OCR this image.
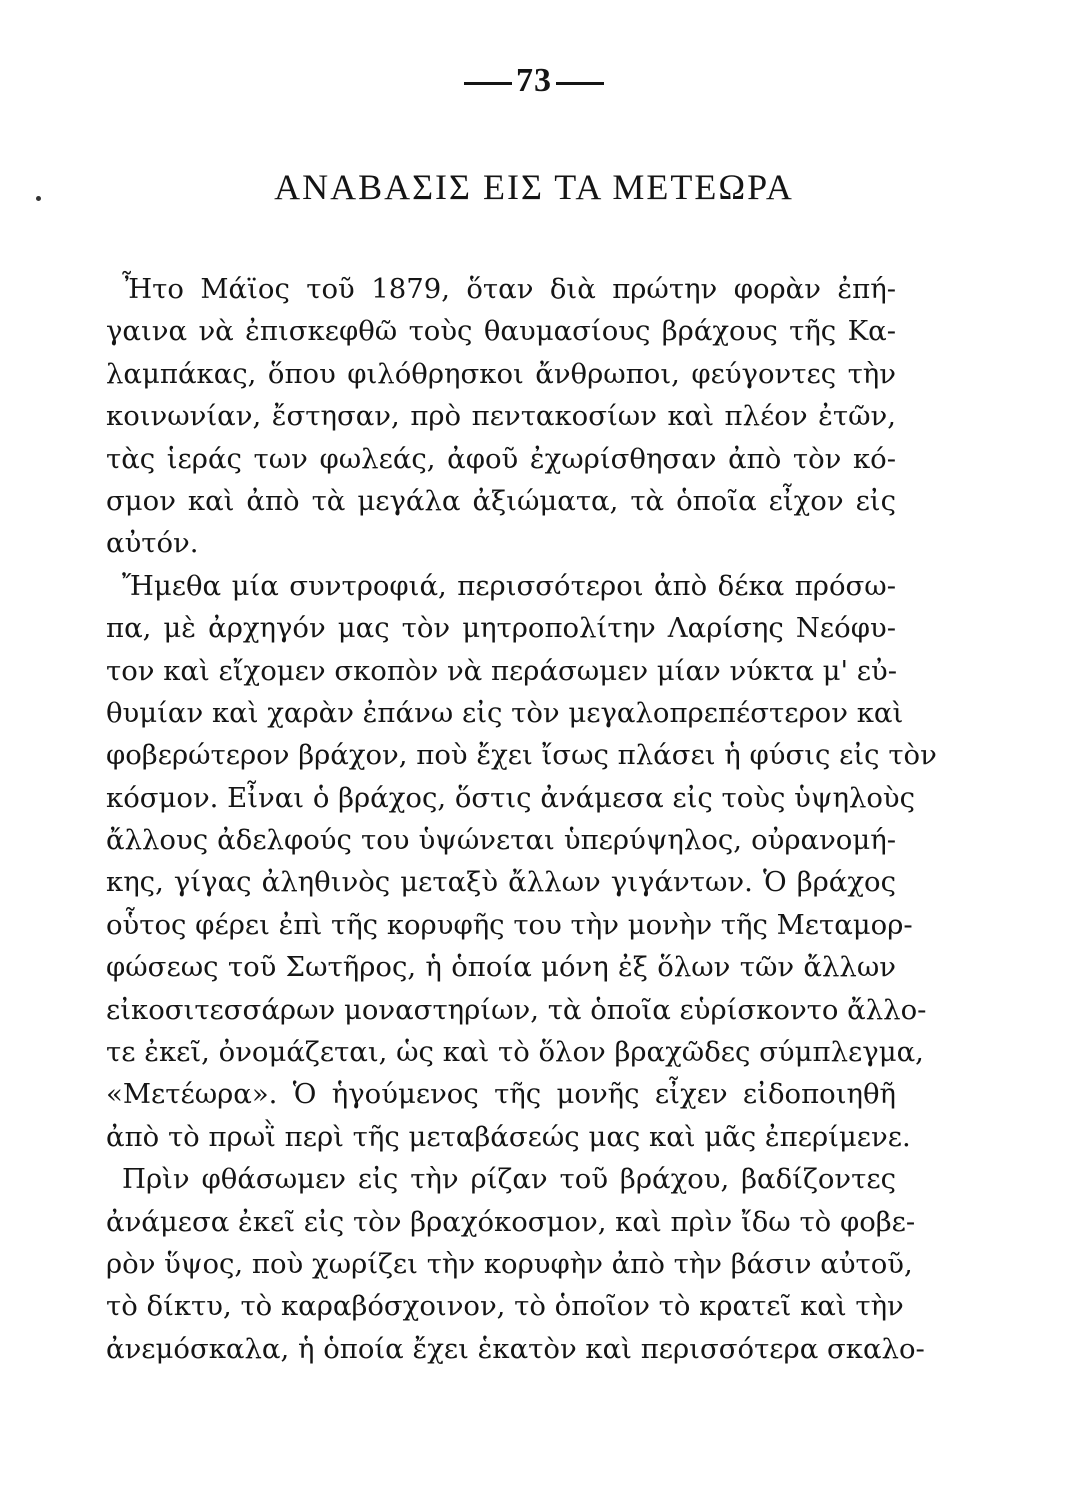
73
ΑΝΑΒΑΣΙΣ ΕΙΣ ΤΑ ΜΕΤΕΩΡΑ
Ἦτο Μάϊος τοῦ 1879, ὅταν διὰ πρώτην φορὰν ἐπή-
γαινα νὰ ἐπισκεφθῶ τοὺς θαυμασίους βράχους τῆς Κα-
λαμπάκας, ὅπου φιλόθρησκοι ἄνθρωποι, φεύγοντες τὴν
κοινωνίαν, ἔστησαν, πρὸ πεντακοσίων καὶ πλέον ἐτῶν,
τὰς ἱεράς των φωλεάς, ἀφοῦ ἐχωρίσθησαν ἀπὸ τὸν κό-
σμον καὶ ἀπὸ τὰ μεγάλα ἀξιώματα, τὰ ὁποῖα εἶχον εἰς
αὐτόν.
Ἤμεθα μία συντροφιά, περισσότεροι ἀπὸ δέκα πρόσω-
πα, μὲ ἀρχηγόν μας τὸν μητροπολίτην Λαρίσης Νεόφυ-
τον καὶ εἴχομεν σκοπὸν νὰ περάσωμεν μίαν νύκτα μ' εὐ-
θυμίαν καὶ χαρὰν ἐπάνω εἰς τὸν μεγαλοπρεπέστερον καὶ
φοβερώτερον βράχον, ποὺ ἔχει ἴσως πλάσει ἡ φύσις εἰς τὸν
κόσμον. Εἶναι ὁ βράχος, ὅστις ἀνάμεσα εἰς τοὺς ὑψηλοὺς
ἄλλους ἀδελφούς του ὑψώνεται ὑπερύψηλος, οὐρανομή-
κης, γίγας ἀληθινὸς μεταξὺ ἄλλων γιγάντων. Ὁ βράχος
οὗτος φέρει ἐπὶ τῆς κορυφῆς του τὴν μονὴν τῆς Μεταμορ-
φώσεως τοῦ Σωτῆρος, ἡ ὁποία μόνη ἐξ ὅλων τῶν ἄλλων
εἰκοσιτεσσάρων μοναστηρίων, τὰ ὁποῖα εὑρίσκοντο ἄλλο-
τε ἐκεῖ, ὀνομάζεται, ὡς καὶ τὸ ὅλον βραχῶδες σύμπλεγμα,
«Μετέωρα». Ὁ ἡγούμενος τῆς μονῆς εἶχεν εἰδοποιηθῆ
ἀπὸ τὸ πρωῒ περὶ τῆς μεταβάσεώς μας καὶ μᾶς ἐπερίμενε.
Πρὶν φθάσωμεν εἰς τὴν ρίζαν τοῦ βράχου, βαδίζοντες
ἀνάμεσα ἐκεῖ εἰς τὸν βραχόκοσμον, καὶ πρὶν ἴδω τὸ φοβε-
ρὸν ὕψος, ποὺ χωρίζει τὴν κορυφὴν ἀπὸ τὴν βάσιν αὐτοῦ,
τὸ δίκτυ, τὸ καραβόσχοινον, τὸ ὁποῖον τὸ κρατεῖ καὶ τὴν
ἀνεμόσκαλα, ἡ ὁποία ἔχει ἑκατὸν καὶ περισσότερα σκαλο-
